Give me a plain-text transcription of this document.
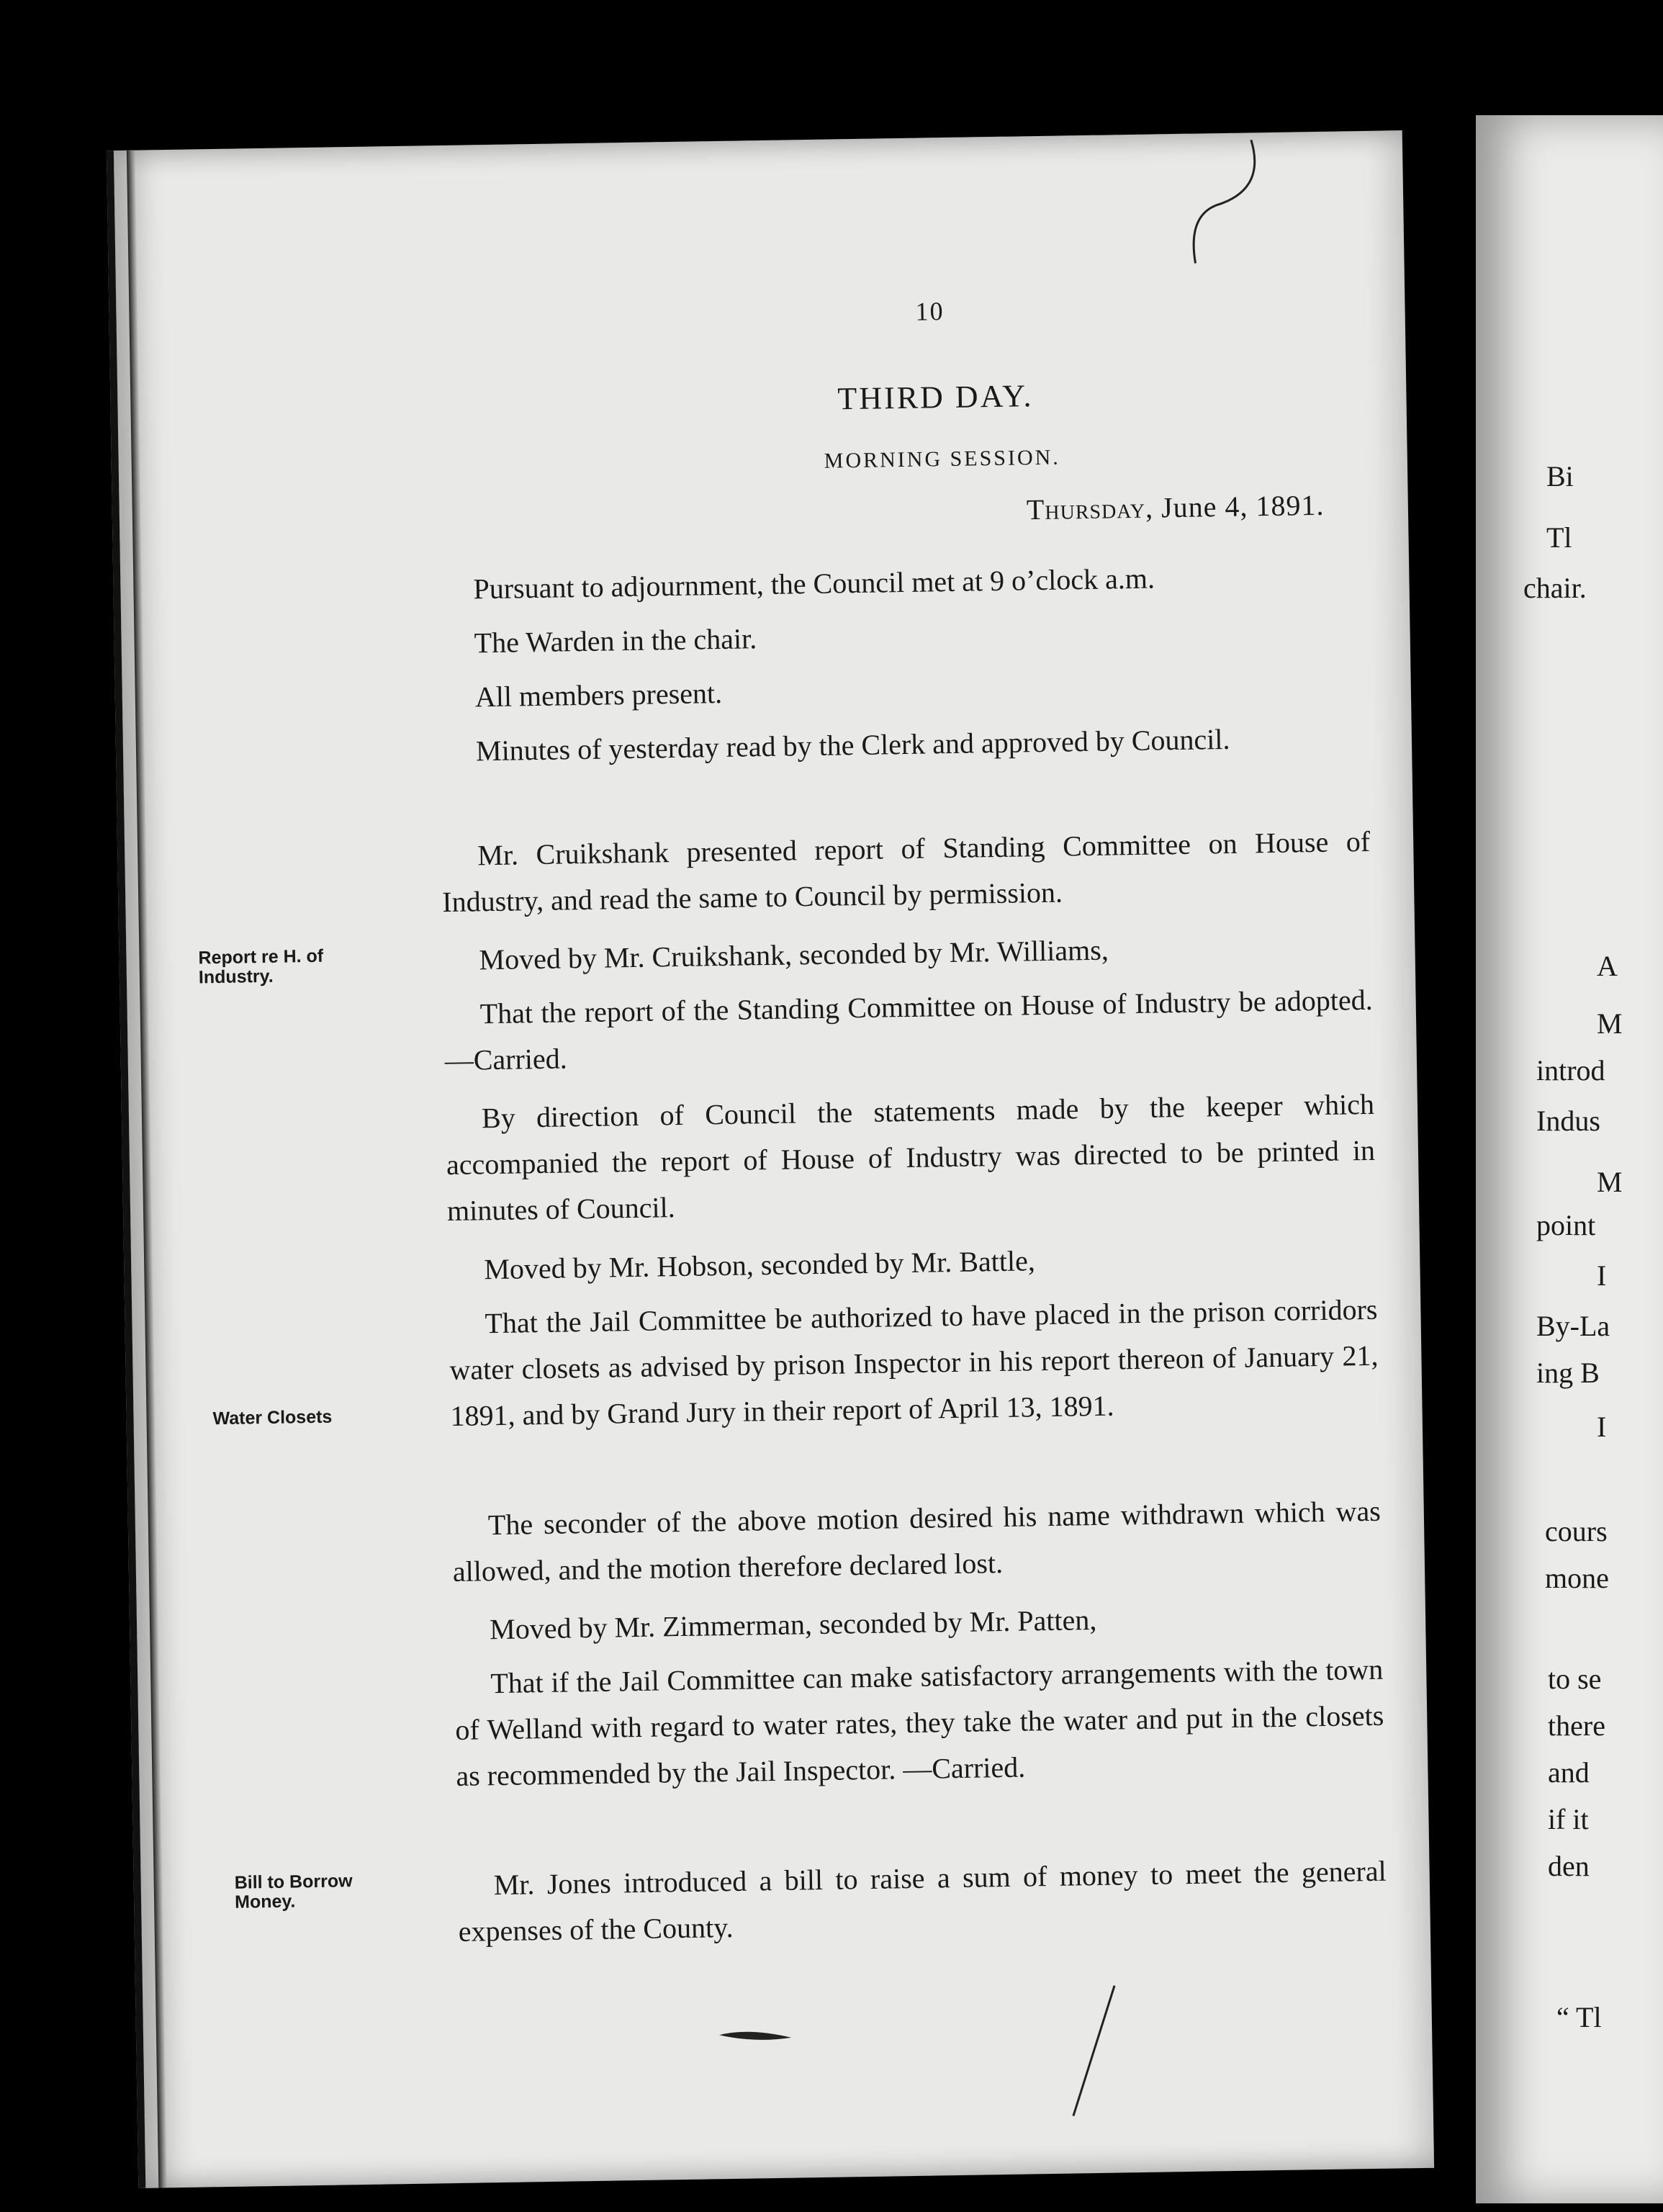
Bi
Tl
chair.
A
M
introd
Indus
M
point
I
By-La
ing B
I
cours
mone
to se
there
and
if it
den
“ Tl
10
THIRD DAY.
MORNING SESSION.
Thursday, June 4, 1891.
Pursuant to adjournment, the Council met at 9 o’clock a.m.
The Warden in the chair.
All members present.
Minutes of yesterday read by the Clerk and approved by Council.
Mr. Cruikshank presented report of Standing Committee on House of Industry, and read the same to Council by permission.
Moved by Mr. Cruikshank, seconded by Mr. Williams,
That the report of the Standing Committee on House of Industry be adopted.—Carried.
By direction of Council the statements made by the keeper which accompanied the report of House of Industry was directed to be printed in minutes of Council.
Moved by Mr. Hobson, seconded by Mr. Battle,
That the Jail Committee be authorized to have placed in the prison corridors water closets as advised by prison Inspector in his report thereon of January 21, 1891, and by Grand Jury in their report of April 13, 1891.
The seconder of the above motion desired his name withdrawn which was allowed, and the motion therefore declared lost.
Moved by Mr. Zimmerman, seconded by Mr. Patten,
That if the Jail Committee can make satisfactory arrangements with the town of Welland with regard to water rates, they take the water and put in the closets as recommended by the Jail Inspector. —Carried.
Mr. Jones introduced a bill to raise a sum of money to meet the general expenses of the County.
Report re H. of Industry.
Water Closets
Bill to Borrow Money.
